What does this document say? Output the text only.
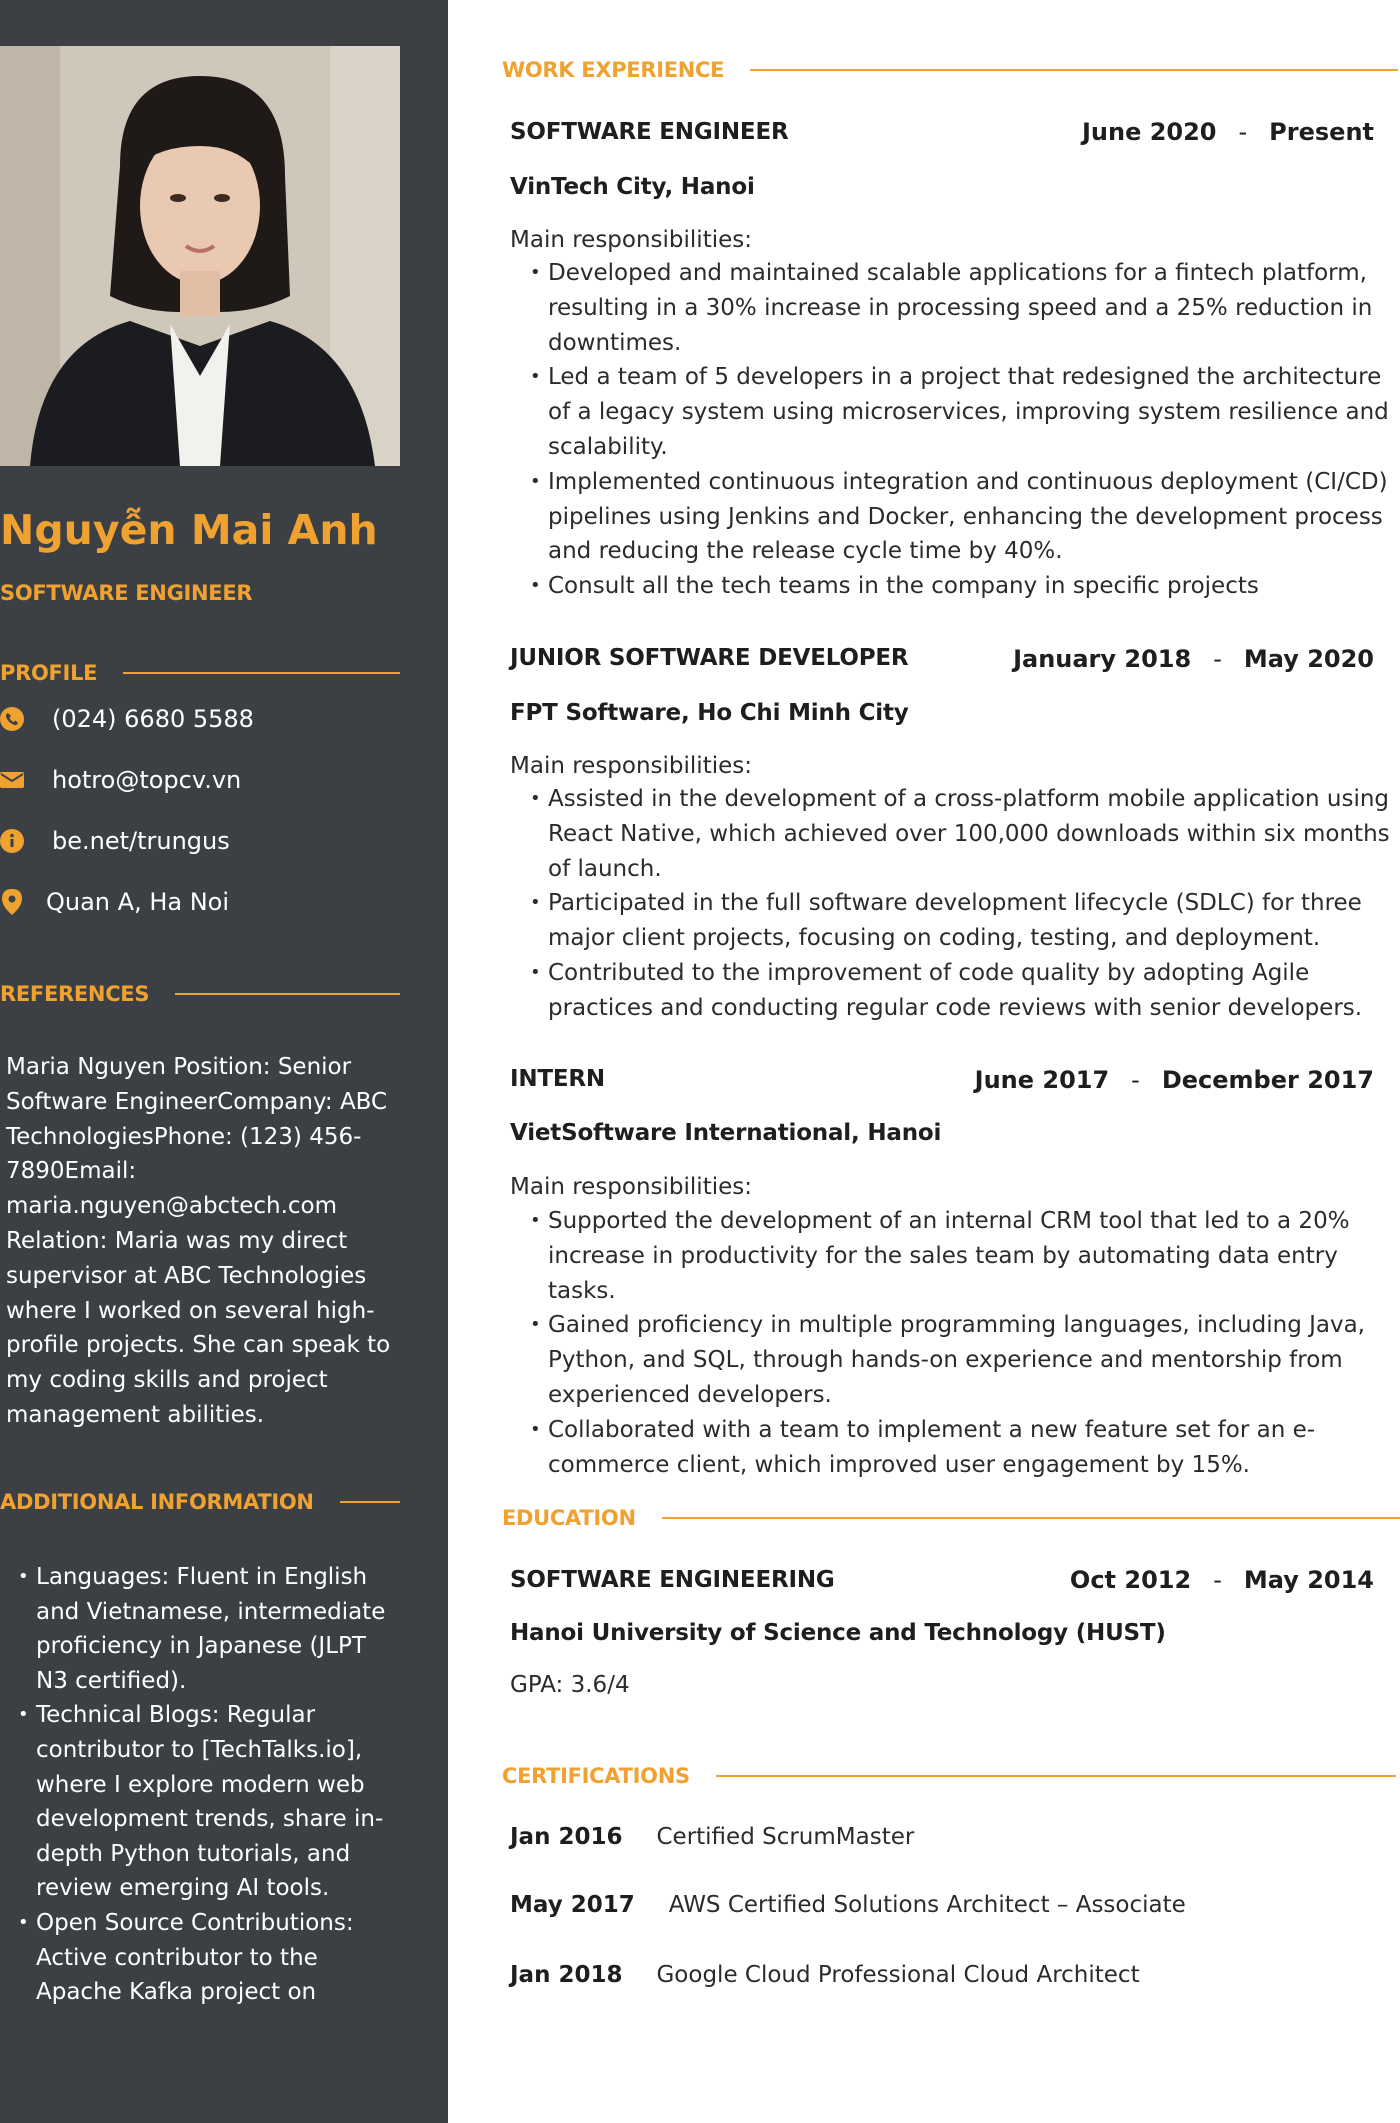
Nguyễn Mai Anh
SOFTWARE ENGINEER
PROFILE
(024) 6680 5588
hotro@topcv.vn
be.net/trungus
Quan A, Ha Noi
REFERENCES
Maria Nguyen Position: Senior Software EngineerCompany: ABC TechnologiesPhone: (123) 456-7890Email: maria.nguyen@abctech.com Relation: Maria was my direct supervisor at ABC Technologies where I worked on several high-profile projects. She can speak to my coding skills and project management abilities.
ADDITIONAL INFORMATION
• Languages: Fluent in English and Vietnamese, intermediate proficiency in Japanese (JLPT N3 certified).
• Technical Blogs: Regular contributor to [TechTalks.io], where I explore modern web development trends, share in-depth Python tutorials, and review emerging AI tools.
• Open Source Contributions: Active contributor to the Apache Kafka project on
WORK EXPERIENCE
SOFTWARE ENGINEER	June 2020 - Present
VinTech City, Hanoi
Main responsibilities:
• Developed and maintained scalable applications for a fintech platform, resulting in a 30% increase in processing speed and a 25% reduction in downtimes.
• Led a team of 5 developers in a project that redesigned the architecture of a legacy system using microservices, improving system resilience and scalability.
• Implemented continuous integration and continuous deployment (CI/CD) pipelines using Jenkins and Docker, enhancing the development process and reducing the release cycle time by 40%.
• Consult all the tech teams in the company in specific projects
JUNIOR SOFTWARE DEVELOPER	January 2018 - May 2020
FPT Software, Ho Chi Minh City
Main responsibilities:
• Assisted in the development of a cross-platform mobile application using React Native, which achieved over 100,000 downloads within six months of launch.
• Participated in the full software development lifecycle (SDLC) for three major client projects, focusing on coding, testing, and deployment.
• Contributed to the improvement of code quality by adopting Agile practices and conducting regular code reviews with senior developers.
INTERN	June 2017 - December 2017
VietSoftware International, Hanoi
Main responsibilities:
• Supported the development of an internal CRM tool that led to a 20% increase in productivity for the sales team by automating data entry tasks.
• Gained proficiency in multiple programming languages, including Java, Python, and SQL, through hands-on experience and mentorship from experienced developers.
• Collaborated with a team to implement a new feature set for an e-commerce client, which improved user engagement by 15%.
EDUCATION
SOFTWARE ENGINEERING	Oct 2012 - May 2014
Hanoi University of Science and Technology (HUST)
GPA: 3.6/4
CERTIFICATIONS
Jan 2016 Certified ScrumMaster
May 2017 AWS Certified Solutions Architect – Associate
Jan 2018 Google Cloud Professional Cloud Architect
